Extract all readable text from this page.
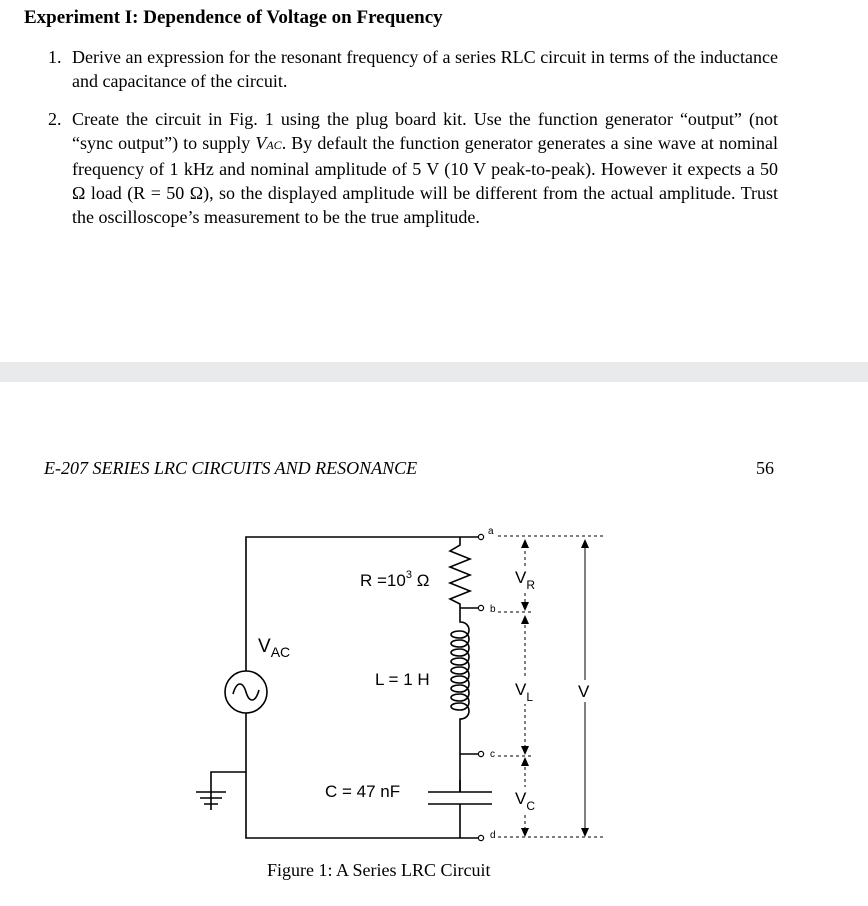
Experiment I: Dependence of Voltage on Frequency
1. Derive an expression for the resonant frequency of a series RLC circuit in terms of the inductance and capacitance of the circuit.
2. Create the circuit in Fig. 1 using the plug board kit. Use the function generator “output” (not “sync output”) to supply VAC. By default the function generator generates a sine wave at nominal frequency of 1 kHz and nominal amplitude of 5 V (10 V peak-to-peak). However it expects a 50 Ω load (R = 50 Ω), so the displayed amplitude will be different from the actual amplitude. Trust the oscilloscope’s measurement to be the true amplitude.
E-207 SERIES LRC CIRCUITS AND RESONANCE	56
$V_{AC}$
$R =10^3$ Ω
L = 1 H
C = 47 nF
a
b
c
d
$V_R$
$V_L$
$V_C$
V
Figure 1: A Series LRC Circuit
